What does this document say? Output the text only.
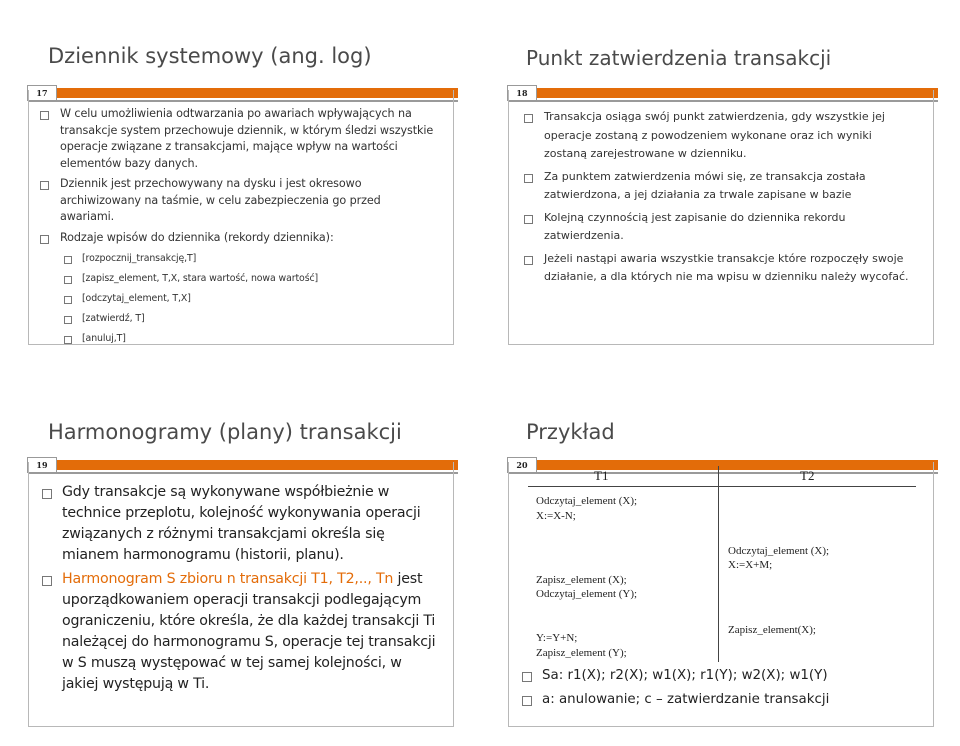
Dziennik systemowy (ang. log)
17
W celu umożliwienia odtwarzania po awariach wpływających na transakcje system przechowuje dziennik, w którym śledzi wszystkie operacje związane z transakcjami, mające wpływ na wartości elementów bazy danych.
Dziennik jest przechowywany na dysku i jest okresowo archiwizowany na taśmie, w celu zabezpieczenia go przed awariami.
Rodzaje wpisów do dziennika (rekordy dziennika):
[rozpocznij_transakcję,T]
[zapisz_element, T,X, stara wartość, nowa wartość]
[odczytaj_element, T,X]
[zatwierdź, T]
[anuluj,T]
Punkt zatwierdzenia transakcji
18
Transakcja osiąga swój punkt zatwierdzenia, gdy wszystkie jej operacje zostaną z powodzeniem wykonane oraz ich wyniki zostaną zarejestrowane w dzienniku.
Za punktem zatwierdzenia mówi się, ze transakcja została zatwierdzona, a jej działania za trwale zapisane w bazie
Kolejną czynnością jest zapisanie do dziennika rekordu zatwierdzenia.
Jeżeli nastąpi awaria wszystkie transakcje które rozpoczęły swoje działanie, a dla których nie ma wpisu w dzienniku należy wycofać.
Harmonogramy (plany) transakcji
19
Gdy transakcje są wykonywane współbieżnie w technice przeplotu, kolejność wykonywania operacji związanych z różnymi transakcjami określa się mianem harmonogramu (historii, planu).
Harmonogram S zbioru n transakcji T1, T2,.., Tn jest uporządkowaniem operacji transakcji podlegającym ograniczeniu, które określa, że dla każdej transakcji Ti należącej do harmonogramu S, operacje tej transakcji w S muszą występować w tej samej kolejności, w jakiej występują w Ti.
Przykład
20
T1	T2
Odczytaj_element (X);
X:=X-N;
Odczytaj_element (X);
X:=X+M;
Zapisz_element (X);
Odczytaj_element (Y);
Zapisz_element(X);
Y:=Y+N;
Zapisz_element (Y);
Sa: r1(X); r2(X); w1(X); r1(Y); w2(X); w1(Y)
a: anulowanie; c – zatwierdzanie transakcji
